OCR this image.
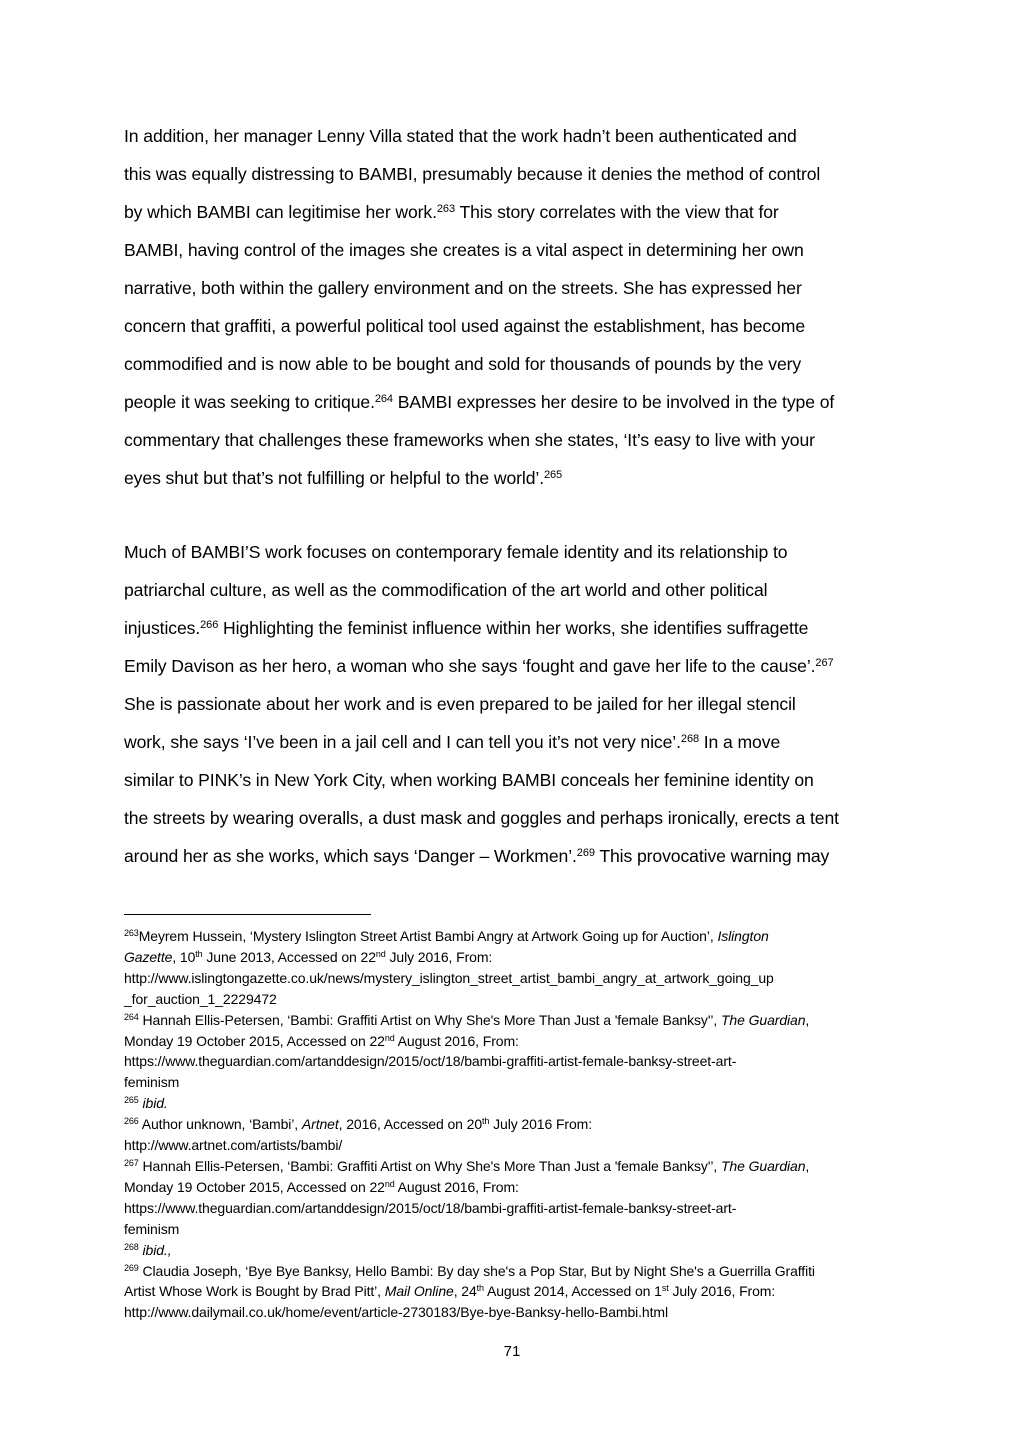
In addition, her manager Lenny Villa stated that the work hadn’t been authenticated and
this was equally distressing to BAMBI, presumably because it denies the method of control
by which BAMBI can legitimise her work.$^{263}$ This story correlates with the view that for
BAMBI, having control of the images she creates is a vital aspect in determining her own
narrative, both within the gallery environment and on the streets. She has expressed her
concern that graffiti, a powerful political tool used against the establishment, has become
commodified and is now able to be bought and sold for thousands of pounds by the very
people it was seeking to critique.$^{264}$ BAMBI expresses her desire to be involved in the type of
commentary that challenges these frameworks when she states, ‘It’s easy to live with your
eyes shut but that’s not fulfilling or helpful to the world’.$^{265}$
Much of BAMBI’S work focuses on contemporary female identity and its relationship to
patriarchal culture, as well as the commodification of the art world and other political
injustices.$^{266}$ Highlighting the feminist influence within her works, she identifies suffragette
Emily Davison as her hero, a woman who she says ‘fought and gave her life to the cause’.$^{267}$
She is passionate about her work and is even prepared to be jailed for her illegal stencil
work, she says ‘I’ve been in a jail cell and I can tell you it’s not very nice’.$^{268}$ In a move
similar to PINK’s in New York City, when working BAMBI conceals her feminine identity on
the streets by wearing overalls, a dust mask and goggles and perhaps ironically, erects a tent
around her as she works, which says ‘Danger – Workmen’.$^{269}$ This provocative warning may
$^{263}$Meyrem Hussein, ‘Mystery Islington Street Artist Bambi Angry at Artwork Going up for Auction’, Islington
Gazette, 10th June 2013, Accessed on 22nd July 2016, From:
http://www.islingtongazette.co.uk/news/mystery_islington_street_artist_bambi_angry_at_artwork_going_up
_for_auction_1_2229472
$^{264}$ Hannah Ellis-Petersen, ‘Bambi: Graffiti Artist on Why She's More Than Just a 'female Banksy'’, The Guardian,
Monday 19 October 2015, Accessed on 22nd August 2016, From:
https://www.theguardian.com/artanddesign/2015/oct/18/bambi-graffiti-artist-female-banksy-street-art-
feminism
$^{265}$ ibid.
$^{266}$ Author unknown, ‘Bambi’, Artnet, 2016, Accessed on 20th July 2016 From:
http://www.artnet.com/artists/bambi/
$^{267}$ Hannah Ellis-Petersen, ‘Bambi: Graffiti Artist on Why She's More Than Just a 'female Banksy'’, The Guardian,
Monday 19 October 2015, Accessed on 22nd August 2016, From:
https://www.theguardian.com/artanddesign/2015/oct/18/bambi-graffiti-artist-female-banksy-street-art-
feminism
$^{268}$ ibid.,
$^{269}$ Claudia Joseph, ‘Bye Bye Banksy, Hello Bambi: By day she's a Pop Star, But by Night She's a Guerrilla Graffiti
Artist Whose Work is Bought by Brad Pitt’, Mail Online, 24th August 2014, Accessed on 1st July 2016, From:
http://www.dailymail.co.uk/home/event/article-2730183/Bye-bye-Banksy-hello-Bambi.html
71
